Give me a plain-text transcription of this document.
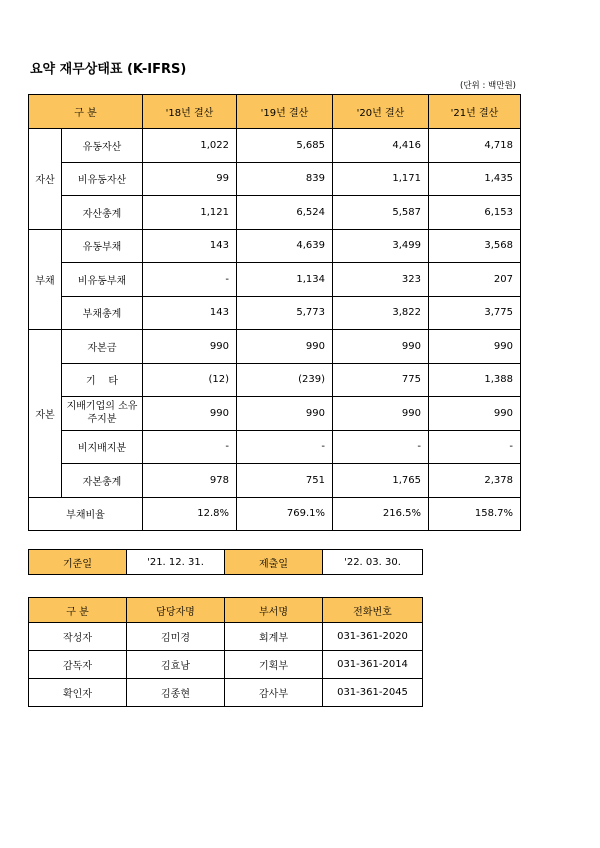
요약 재무상태표 (K-IFRS)
(단위 : 백만원)
구 분		'18년 결산	'19년 결산	'20년 결산	'21년 결산
자산	유동자산	1,022	5,685	4,416	4,718
	비유동자산	99	839	1,171	1,435
	자산총계	1,121	6,524	5,587	6,153
부채	유동부채	143	4,639	3,499	3,568
	비유동부채	-	1,134	323	207
	부채총계	143	5,773	3,822	3,775
자본	자본금	990	990	990	990
	기    타	(12)	(239)	775	1,388
	지배기업의 소유주지분	990	990	990	990
	비지배지분	-	-	-	-
	자본총계	978	751	1,765	2,378
부채비율		12.8%	769.1%	216.5%	158.7%
기준일	'21. 12. 31.	제출일	'22. 03. 30.
구 분	담당자명	부서명	전화번호
작성자	김미경	회계부	031-361-2020
감독자	김효남	기획부	031-361-2014
확인자	김종현	감사부	031-361-2045
